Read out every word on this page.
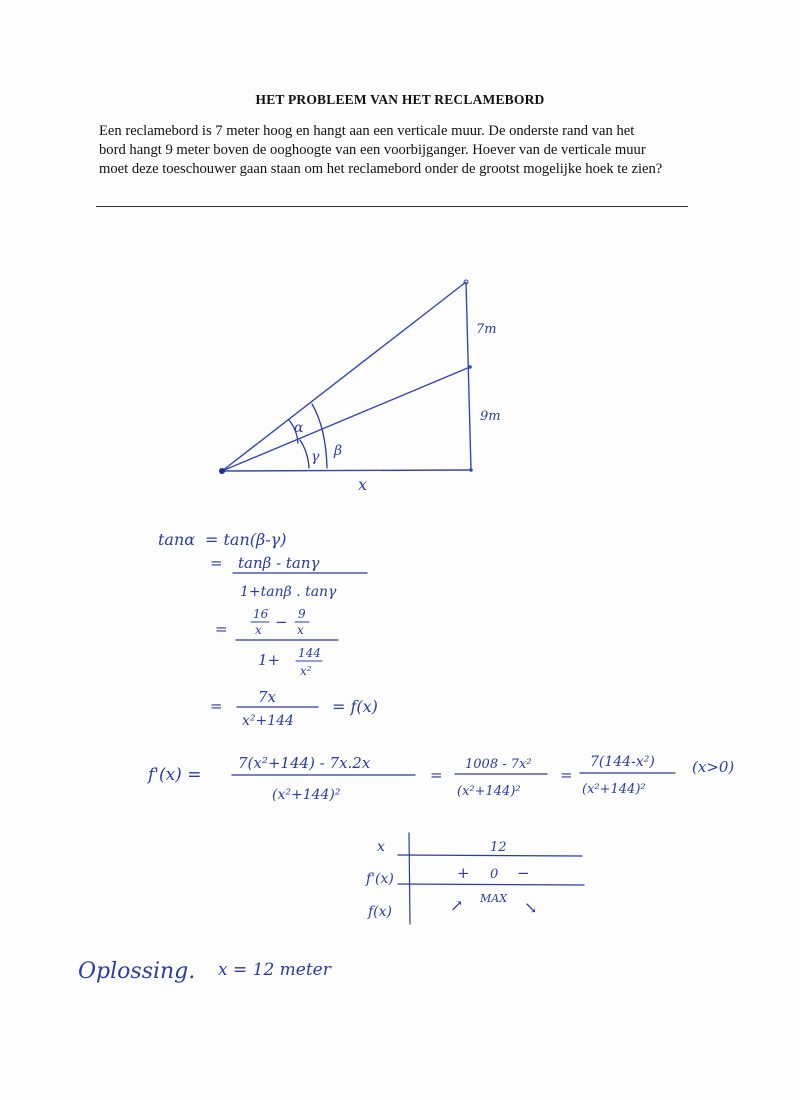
HET PROBLEEM VAN HET RECLAMEBORD
Een reclamebord is 7 meter hoog en hangt aan een verticale muur. De onderste rand van het
bord hangt 9 meter boven de ooghoogte van een voorbijganger. Hoever van de verticale muur
moet deze toeschouwer gaan staan om het reclamebord onder de grootst mogelijke hoek te zien?
α
γ β
7m
9m
x
tanα = tan(β-γ)
= tanβ - tanγ
1+tanβ . tanγ
=
16
x − 9
x
1+ 144
x²
= 7x
x²+144
= f(x)
f'(x) =
7(x²+144) - 7x.2x
(x²+144)²
=
1008 - 7x²
(x²+144)²
=
7(144-x²)
(x²+144)²
(x>0)
x
f'(x)
f(x)
12
+ 0 −
↗ MAX ↘
Oplossing. x = 12 meter
